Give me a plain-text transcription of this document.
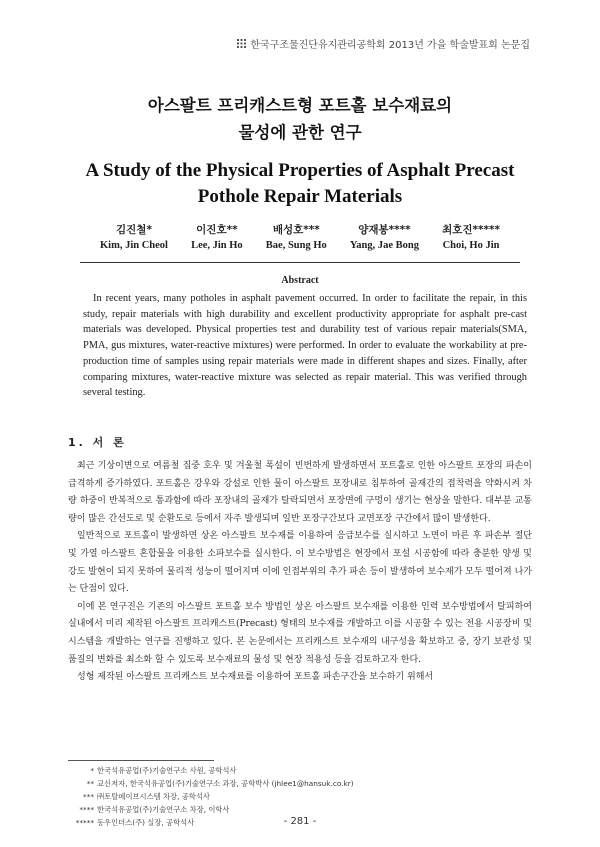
한국구조물진단유지관리공학회 2013년 가을 학술발표회 논문집
아스팔트 프리캐스트형 포트홀 보수재료의
물성에 관한 연구
A Study of the Physical Properties of Asphalt Precast
Pothole Repair Materials
김진철*
Kim, Jin Cheol
이진호**
Lee, Jin Ho
배성호***
Bae, Sung Ho
양재봉****
Yang, Jae Bong
최호진*****
Choi, Ho Jin
Abstract
In recent years, many potholes in asphalt pavement occurred. In order to facilitate the repair, in this study, repair materials with high durability and excellent productivity appropriate for asphalt pre-cast materials was developed. Physical properties test and durability test of various repair materials(SMA, PMA, gus mixtures, water-reactive mixtures) were performed. In order to evaluate the workability at pre-production time of samples using repair materials were made in different shapes and sizes. Finally, after comparing mixtures, water-reactive mixture was selected as repair material. This was verified through several testing.
1. 서 론

최근 기상이변으로 여름철 집중 호우 및 겨울철 폭설이 빈번하게 발생하면서 포트홀로 인한 아스팔트 포장의 파손이 급격하게 증가하였다. 포트홀은 강우와 강설로 인한 물이 아스팔트 포장내로 침투하여 골재간의 접착력을 약화시켜 차량 하중이 반복적으로 통과함에 따라 포장내의 골재가 탈락되면서 포장면에 구멍이 생기는 현상을 말한다. 대부분 교통량이 많은 간선도로 및 순환도로 등에서 자주 발생되며 일반 포장구간보다 교면포장 구간에서 많이 발생한다.

일반적으로 포트홀이 발생하면 상온 아스팔트 보수재를 이용하여 응급보수를 실시하고 노면이 마른 후 파손부 절단 및 가열 아스팔트 혼합물을 이용한 소파보수를 실시한다. 이 보수방법은 현장에서 포설 시공함에 따라 충분한 양생 및 강도 발현이 되지 못하여 물리적 성능이 떨어지며 이에 인접부위의 추가 파손 등이 발생하여 보수재가 모두 떨어져 나가는 단점이 있다.

이에 본 연구진은 기존의 아스팔트 포트홀 보수 방법인 상온 아스팔트 보수재를 이용한 인력 보수방법에서 탈피하여 실내에서 미리 제작된 아스팔트 프리캐스트(Precast) 형태의 보수재를 개발하고 이를 시공할 수 있는 전용 시공장비 및 시스템을 개발하는 연구를 진행하고 있다. 본 논문에서는 프리캐스트 보수재의 내구성을 확보하고 중, 장기 보관성 및 품질의 변화를 최소화 할 수 있도록 보수재료의 물성 및 현장 적용성 등을 검토하고자 한다.

성형 제작된 아스팔트 프리캐스트 보수재료를 이용하여 포트홀 파손구간을 보수하기 위해서

* 한국석유공업(주)기술연구소 사원, 공학석사
** 교신저자, 한국석유공업(주)기술연구소 과장, 공학박사 (jhlee1@hansuk.co.kr)
*** ㈜토탈페이브시스템 차장, 공학석사
**** 한국석유공업(주)기술연구소 차장, 이학사
***** 동우인더스(주) 실장, 공학석사	- 281 -
